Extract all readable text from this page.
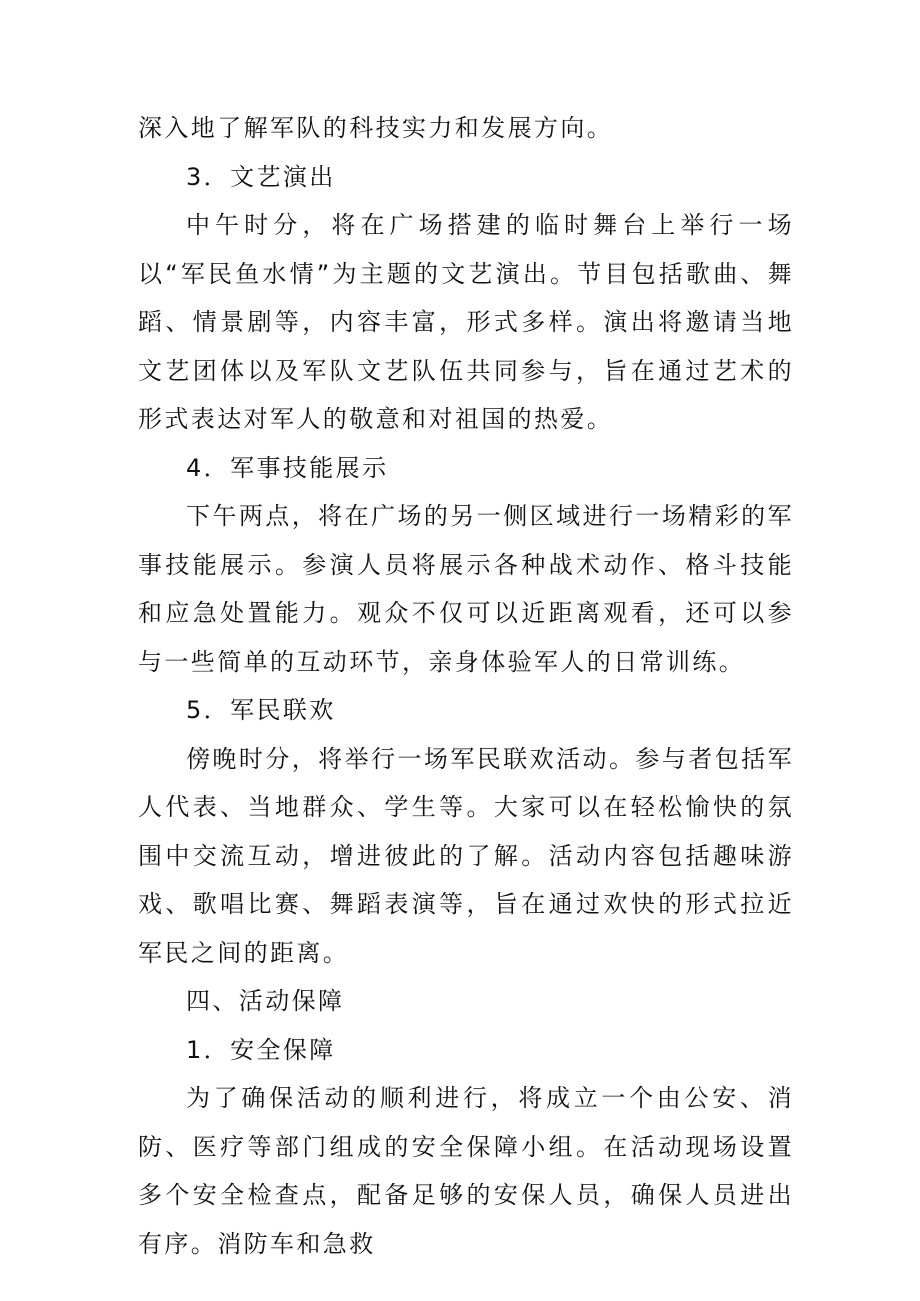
深入地了解军队的科技实力和发展方向。

3．文艺演出

中午时分，将在广场搭建的临时舞台上举行一场以“军民鱼水情”为主题的文艺演出。节目包括歌曲、舞蹈、情景剧等，内容丰富，形式多样。演出将邀请当地文艺团体以及军队文艺队伍共同参与，旨在通过艺术的形式表达对军人的敬意和对祖国的热爱。

4．军事技能展示

下午两点，将在广场的另一侧区域进行一场精彩的军事技能展示。参演人员将展示各种战术动作、格斗技能和应急处置能力。观众不仅可以近距离观看，还可以参与一些简单的互动环节，亲身体验军人的日常训练。

5．军民联欢

傍晚时分，将举行一场军民联欢活动。参与者包括军人代表、当地群众、学生等。大家可以在轻松愉快的氛围中交流互动，增进彼此的了解。活动内容包括趣味游戏、歌唱比赛、舞蹈表演等，旨在通过欢快的形式拉近军民之间的距离。

四、活动保障

1．安全保障

为了确保活动的顺利进行，将成立一个由公安、消防、医疗等部门组成的安全保障小组。在活动现场设置多个安全检查点，配备足够的安保人员，确保人员进出有序。消防车和急救
